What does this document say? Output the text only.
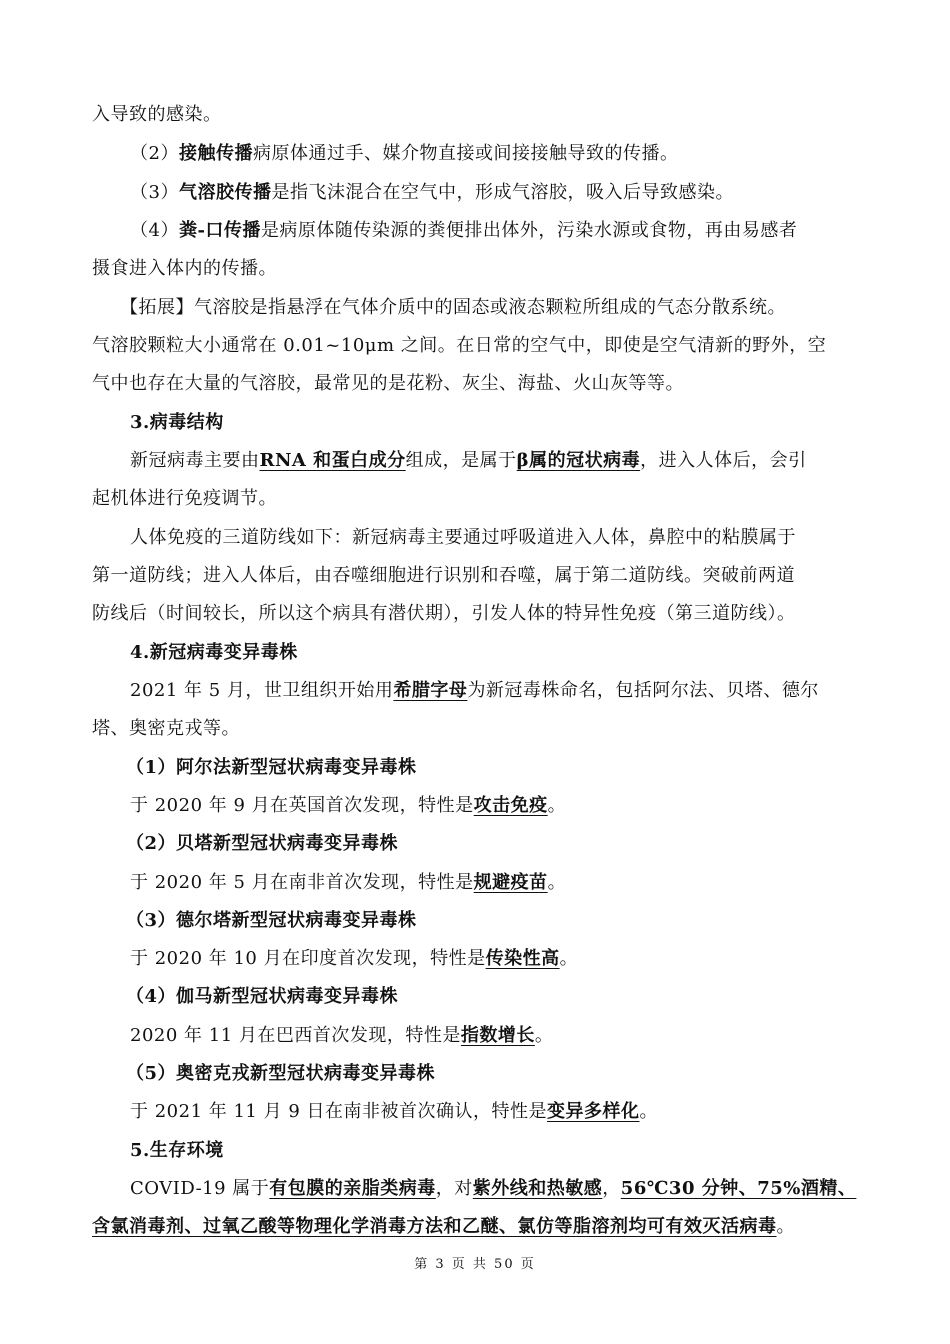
入导致的感染。
（2）接触传播病原体通过手、媒介物直接或间接接触导致的传播。
（3）气溶胶传播是指飞沫混合在空气中，形成气溶胶，吸入后导致感染。
（4）粪-口传播是病原体随传染源的粪便排出体外，污染水源或食物，再由易感者
摄食进入体内的传播。
【拓展】气溶胶是指悬浮在气体介质中的固态或液态颗粒所组成的气态分散系统。
气溶胶颗粒大小通常在 0.01~10μm 之间。在日常的空气中，即使是空气清新的野外，空
气中也存在大量的气溶胶，最常见的是花粉、灰尘、海盐、火山灰等等。
3.病毒结构
新冠病毒主要由RNA 和蛋白成分组成，是属于β属的冠状病毒，进入人体后，会引
起机体进行免疫调节。
人体免疫的三道防线如下：新冠病毒主要通过呼吸道进入人体，鼻腔中的粘膜属于
第一道防线；进入人体后，由吞噬细胞进行识别和吞噬，属于第二道防线。突破前两道
防线后（时间较长，所以这个病具有潜伏期），引发人体的特异性免疫（第三道防线）。
4.新冠病毒变异毒株
2021 年 5 月，世卫组织开始用希腊字母为新冠毒株命名，包括阿尔法、贝塔、德尔
塔、奥密克戎等。
（1）阿尔法新型冠状病毒变异毒株
于 2020 年 9 月在英国首次发现，特性是攻击免疫。
（2）贝塔新型冠状病毒变异毒株
于 2020 年 5 月在南非首次发现，特性是规避疫苗。
（3）德尔塔新型冠状病毒变异毒株
于 2020 年 10 月在印度首次发现，特性是传染性高。
（4）伽马新型冠状病毒变异毒株
2020 年 11 月在巴西首次发现，特性是指数增长。
（5）奥密克戎新型冠状病毒变异毒株
于 2021 年 11 月 9 日在南非被首次确认，特性是变异多样化。
5.生存环境
COVID-19 属于有包膜的亲脂类病毒，对紫外线和热敏感，56℃30 分钟、75%酒精、
含氯消毒剂、过氧乙酸等物理化学消毒方法和乙醚、氯仿等脂溶剂均可有效灭活病毒。
第 3 页 共 50 页
